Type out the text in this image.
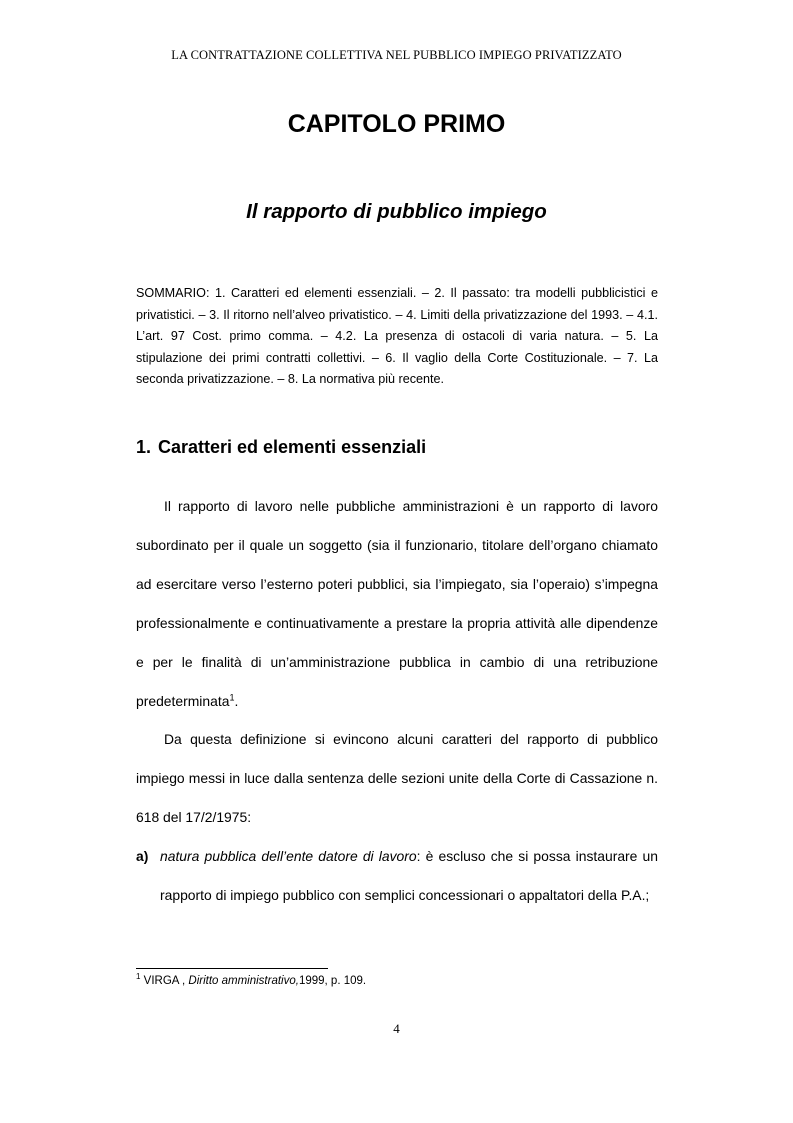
LA CONTRATTAZIONE COLLETTIVA NEL PUBBLICO IMPIEGO PRIVATIZZATO
CAPITOLO PRIMO
Il rapporto di pubblico impiego
SOMMARIO: 1. Caratteri ed elementi essenziali. – 2. Il passato: tra modelli pubblicistici e privatistici. – 3. Il ritorno nell’alveo privatistico. – 4. Limiti della privatizzazione del 1993. – 4.1. L’art. 97 Cost. primo comma. – 4.2. La presenza di ostacoli di varia natura. – 5. La stipulazione dei primi contratti collettivi. – 6. Il vaglio della Corte Costituzionale. – 7. La seconda privatizzazione. – 8. La normativa più recente.
1. Caratteri ed elementi essenziali

Il rapporto di lavoro nelle pubbliche amministrazioni è un rapporto di lavoro subordinato per il quale un soggetto (sia il funzionario, titolare dell’organo chiamato ad esercitare verso l’esterno poteri pubblici, sia l’impiegato, sia l’operaio) s’impegna professionalmente e continuativamente a prestare la propria attività alle dipendenze e per le finalità di un’amministrazione pubblica in cambio di una retribuzione predeterminata$^1$.

Da questa definizione si evincono alcuni caratteri del rapporto di pubblico impiego messi in luce dalla sentenza delle sezioni unite della Corte di Cassazione n. 618 del 17/2/1975:

a) natura pubblica dell’ente datore di lavoro: è escluso che si possa instaurare un rapporto di impiego pubblico con semplici concessionari o appaltatori della P.A.;
$^1$ VIRGA , Diritto amministrativo,1999, p. 109.
4
